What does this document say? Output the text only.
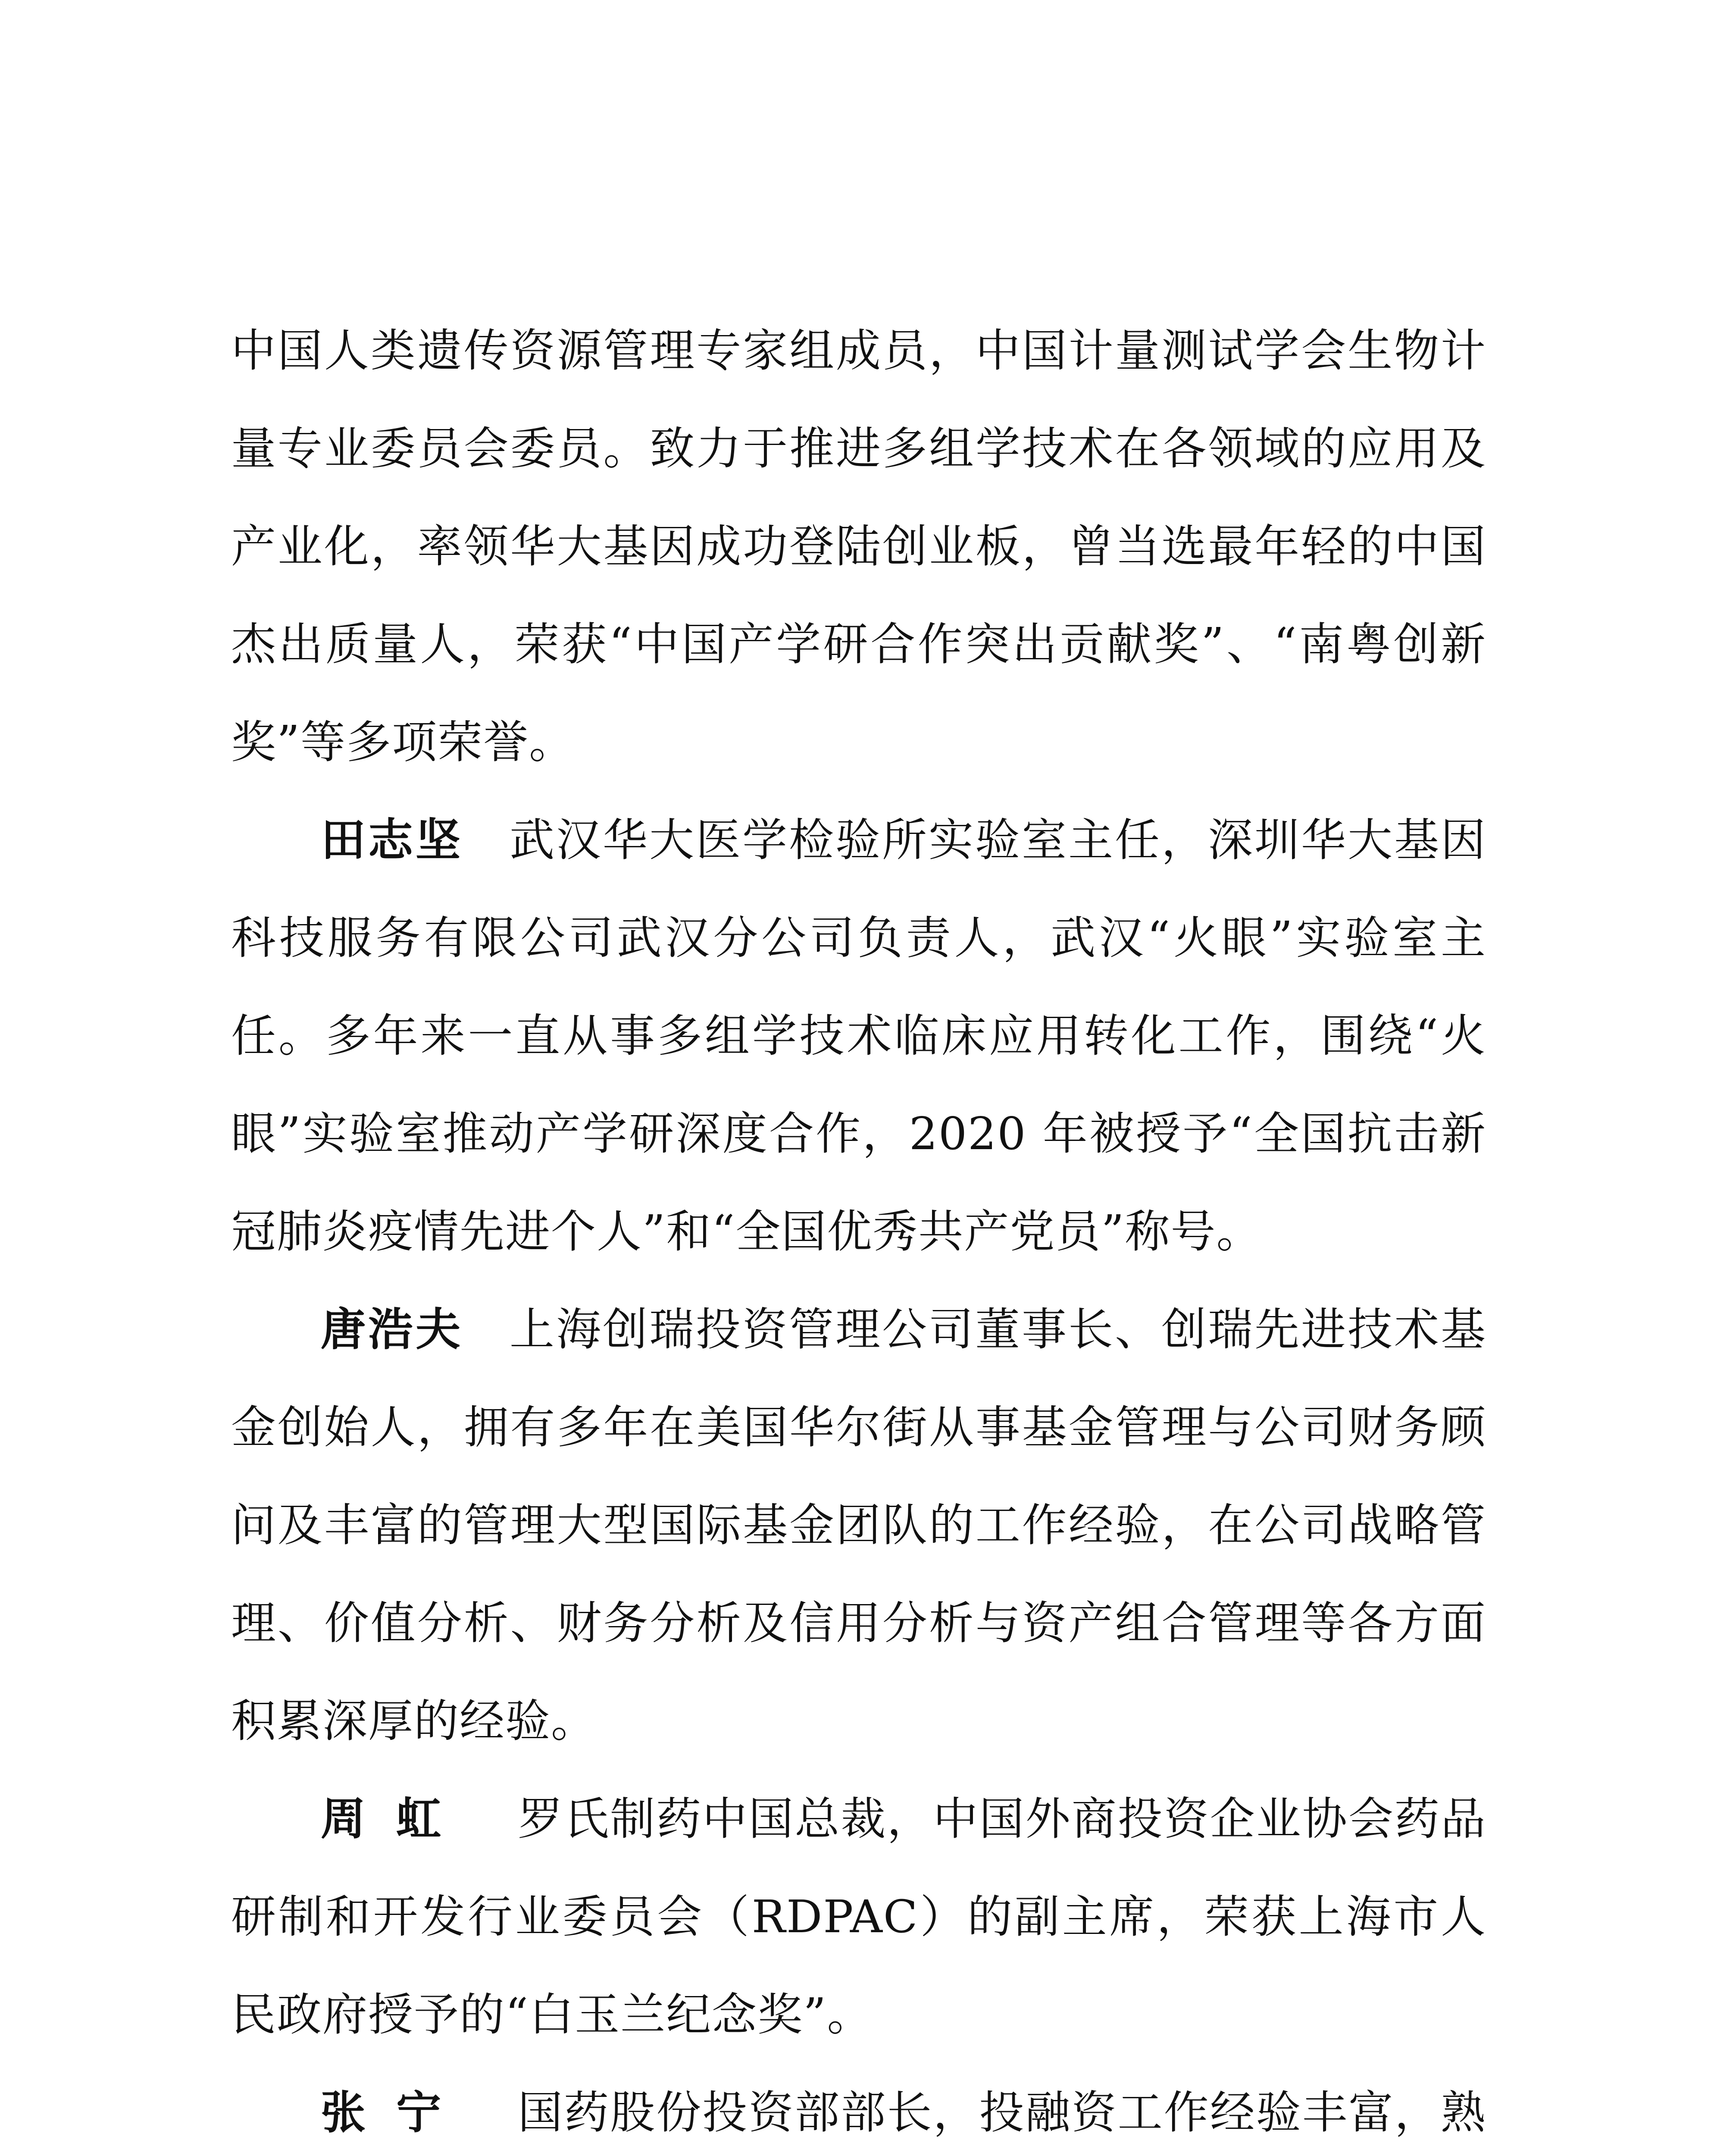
中国人类遗传资源管理专家组成员，中国计量测试学会生物计量专业委员会委员。致力于推进多组学技术在各领域的应用及产业化，率领华大基因成功登陆创业板，曾当选最年轻的中国杰出质量人，荣获“中国产学研合作突出贡献奖”、“南粤创新奖”等多项荣誉。

田志坚　 武汉华大医学检验所实验室主任，深圳华大基因科技服务有限公司武汉分公司负责人，武汉“火眼”实验室主任。多年来一直从事多组学技术临床应用转化工作，围绕“火眼”实验室推动产学研深度合作，2020 年被授予“全国抗击新冠肺炎疫情先进个人”和“全国优秀共产党员”称号。

唐浩夫　 上海创瑞投资管理公司董事长、创瑞先进技术基金创始人，拥有多年在美国华尔街从事基金管理与公司财务顾问及丰富的管理大型国际基金团队的工作经验，在公司战略管理、价值分析、财务分析及信用分析与资产组合管理等各方面积累深厚的经验。

周虹　 罗氏制药中国总裁，中国外商投资企业协会药品研制和开发行业委员会（RDPAC）的副主席，荣获上海市人民政府授予的“白玉兰纪念奖”。

张宁　 国药股份投资部部长，投融资工作经验丰富，熟
